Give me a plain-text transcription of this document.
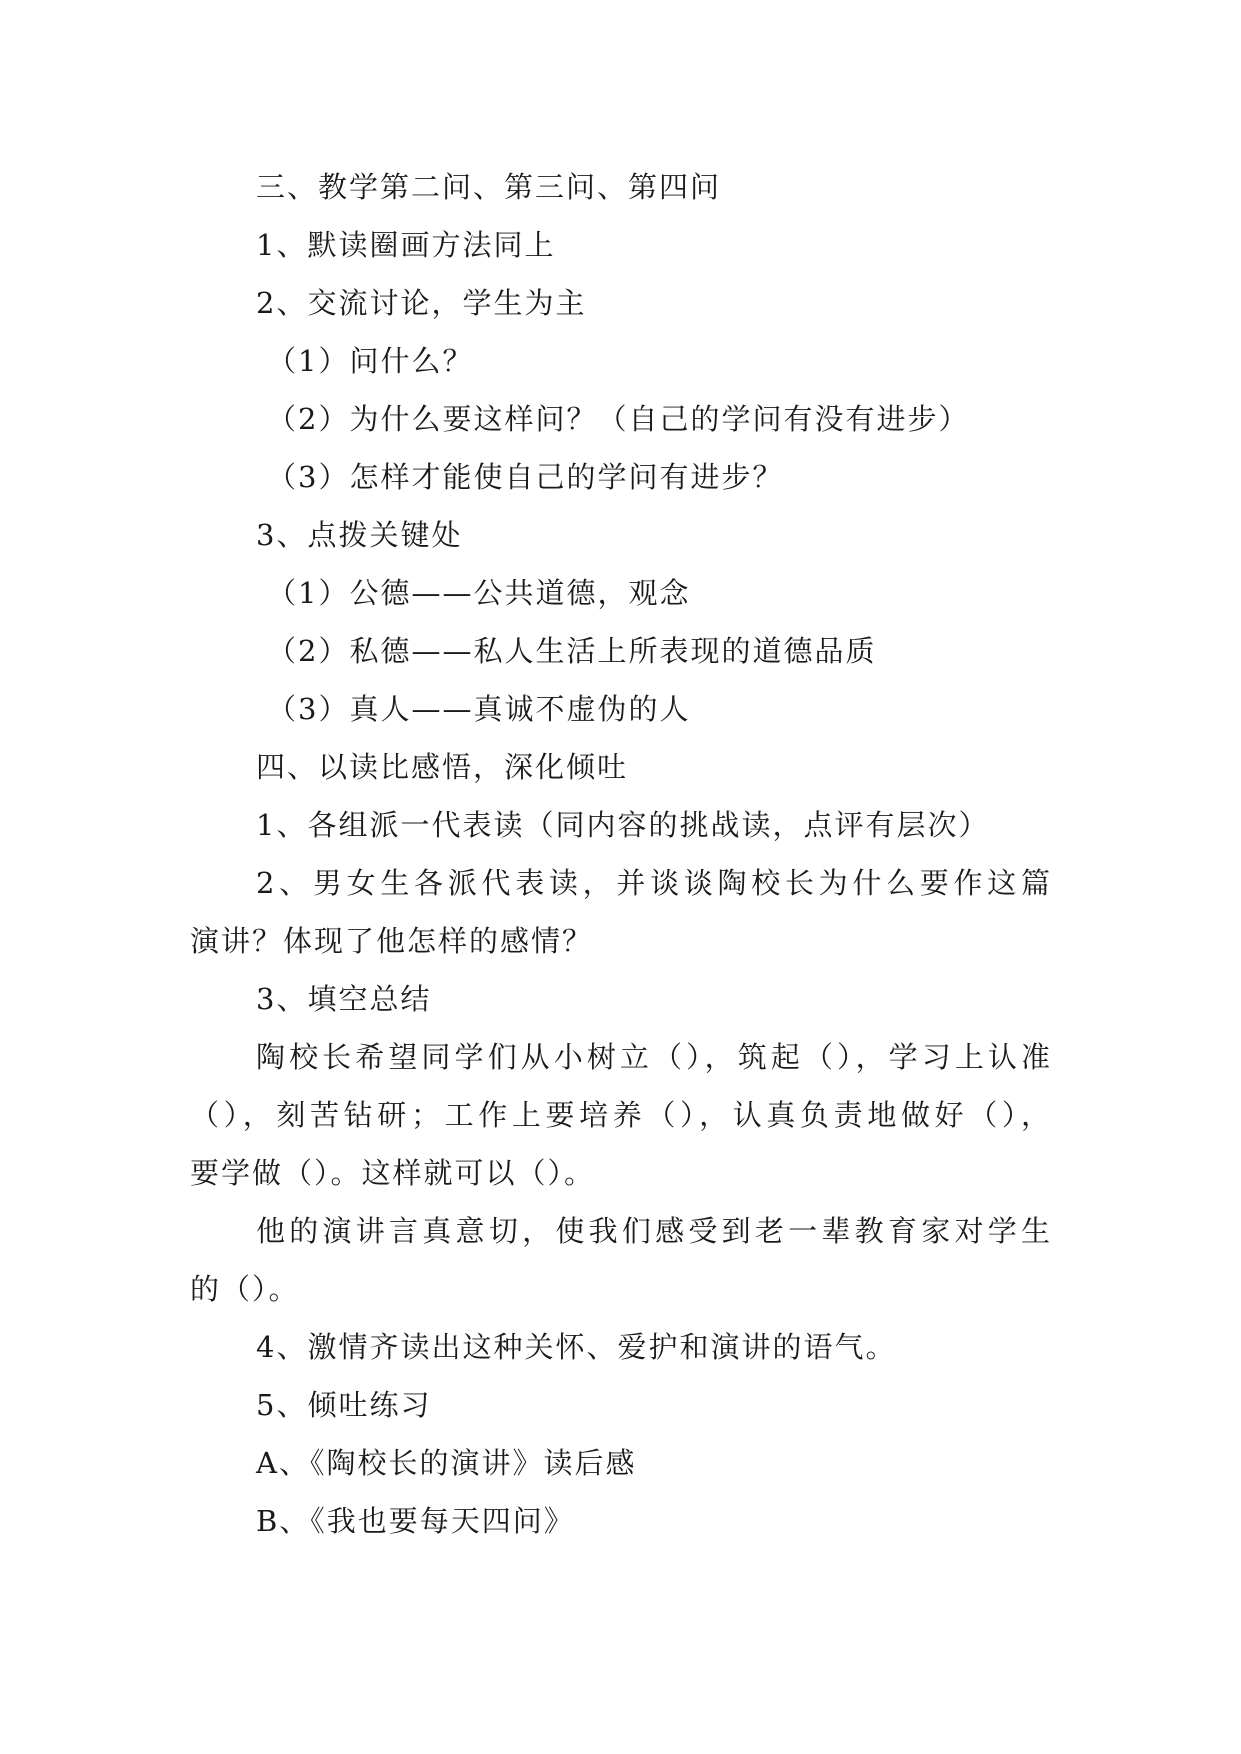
三、教学第二问、第三问、第四问
1、默读圈画方法同上
2、交流讨论，学生为主
（1）问什么？
（2）为什么要这样问？（自己的学问有没有进步）
（3）怎样才能使自己的学问有进步？
3、点拨关键处
（1）公德——公共道德，观念
（2）私德——私人生活上所表现的道德品质
（3）真人——真诚不虚伪的人
四、以读比感悟，深化倾吐
1、各组派一代表读（同内容的挑战读，点评有层次）
2、男女生各派代表读，并谈谈陶校长为什么要作这篇
演讲？体现了他怎样的感情？
3、填空总结
陶校长希望同学们从小树立（），筑起（），学习上认准
（），刻苦钻研；工作上要培养（），认真负责地做好（），
要学做（）。这样就可以（）。
他的演讲言真意切，使我们感受到老一辈教育家对学生
的（）。
4、激情齐读出这种关怀、爱护和演讲的语气。
5、倾吐练习
A、《陶校长的演讲》读后感
B、《我也要每天四问》
